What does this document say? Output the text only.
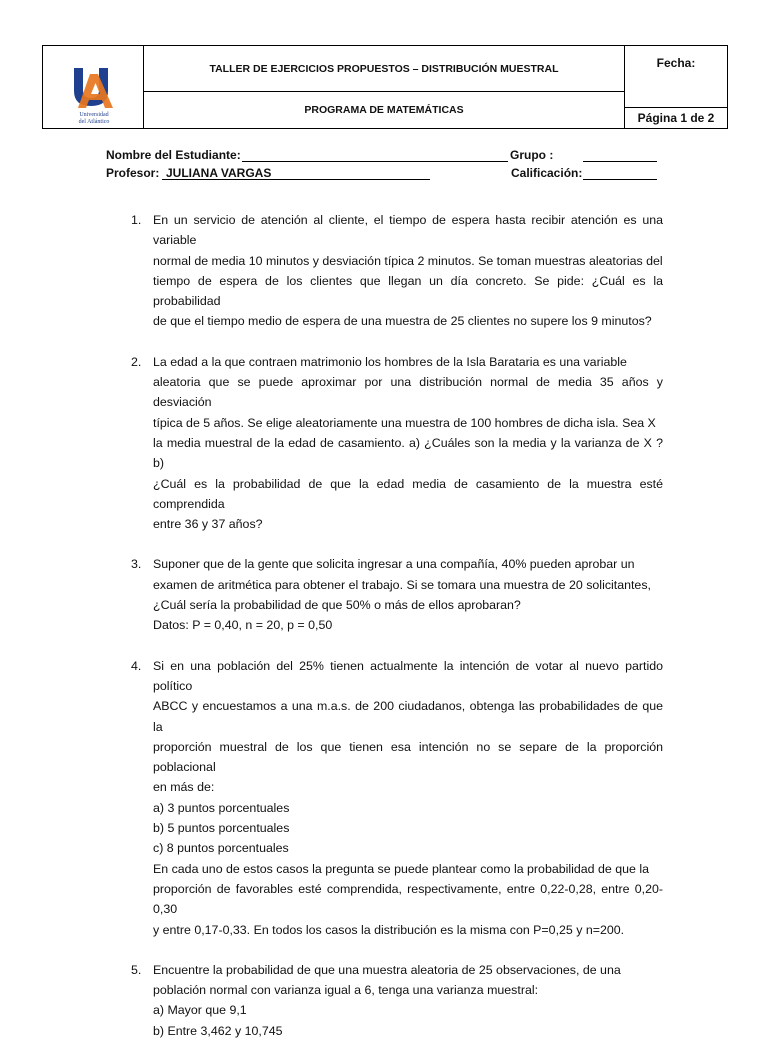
Universidad
del Atlántico
TALLER DE EJERCICIOS PROPUESTOS – DISTRIBUCIÓN MUESTRAL
PROGRAMA DE MATEMÁTICAS
Fecha:
Página 1 de 2
Nombre del Estudiante:	Grupo :
Profesor: JULIANA VARGAS	Calificación:
1. En un servicio de atención al cliente, el tiempo de espera hasta recibir atención es una variable
normal de media 10 minutos y desviación típica 2 minutos. Se toman muestras aleatorias del
tiempo de espera de los clientes que llegan un día concreto. Se pide: ¿Cuál es la probabilidad
de que el tiempo medio de espera de una muestra de 25 clientes no supere los 9 minutos?
2. La edad a la que contraen matrimonio los hombres de la Isla Barataria es una variable
aleatoria que se puede aproximar por una distribución normal de media 35 años y desviación
típica de 5 años. Se elige aleatoriamente una muestra de 100 hombres de dicha isla. Sea X
la media muestral de la edad de casamiento. a) ¿Cuáles son la media y la varianza de X ? b)
¿Cuál es la probabilidad de que la edad media de casamiento de la muestra esté comprendida
entre 36 y 37 años?
3. Suponer que de la gente que solicita ingresar a una compañía, 40% pueden aprobar un
examen de aritmética para obtener el trabajo. Si se tomara una muestra de 20 solicitantes,
¿Cuál sería la probabilidad de que 50% o más de ellos aprobaran?
Datos: P = 0,40, n = 20, p = 0,50
4. Si en una población del 25% tienen actualmente la intención de votar al nuevo partido político
ABCC y encuestamos a una m.a.s. de 200 ciudadanos, obtenga las probabilidades de que la
proporción muestral de los que tienen esa intención no se separe de la proporción poblacional
en más de:
a) 3 puntos porcentuales
b) 5 puntos porcentuales
c) 8 puntos porcentuales
En cada uno de estos casos la pregunta se puede plantear como la probabilidad de que la
proporción de favorables esté comprendida, respectivamente, entre 0,22-0,28, entre 0,20-0,30
y entre 0,17-0,33. En todos los casos la distribución es la misma con P=0,25 y n=200.
5. Encuentre la probabilidad de que una muestra aleatoria de 25 observaciones, de una
población normal con varianza igual a 6, tenga una varianza muestral:
a) Mayor que 9,1
b) Entre 3,462 y 10,745
